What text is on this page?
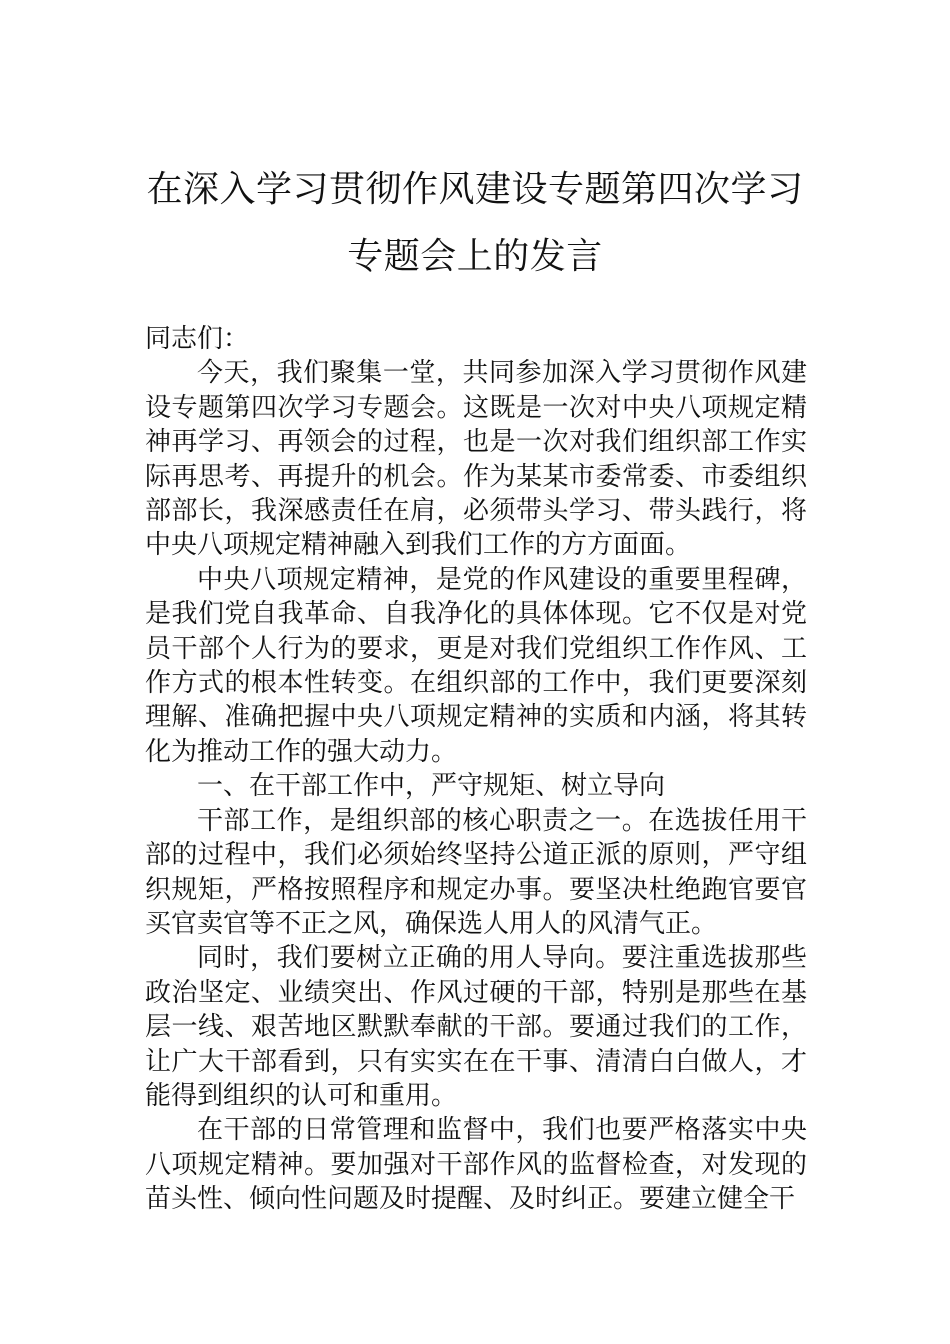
在深入学习贯彻作风建设专题第四次学习
专题会上的发言

同志们：

今天，我们聚集一堂，共同参加深入学习贯彻作风建设专题第四次学习专题会。这既是一次对中央八项规定精神再学习、再领会的过程，也是一次对我们组织部工作实际再思考、再提升的机会。作为某某市委常委、市委组织部部长，我深感责任在肩，必须带头学习、带头践行，将中央八项规定精神融入到我们工作的方方面面。

中央八项规定精神，是党的作风建设的重要里程碑，是我们党自我革命、自我净化的具体体现。它不仅是对党员干部个人行为的要求，更是对我们党组织工作作风、工作方式的根本性转变。在组织部的工作中，我们更要深刻理解、准确把握中央八项规定精神的实质和内涵，将其转化为推动工作的强大动力。

一、在干部工作中，严守规矩、树立导向

干部工作，是组织部的核心职责之一。在选拔任用干部的过程中，我们必须始终坚持公道正派的原则，严守组织规矩，严格按照程序和规定办事。要坚决杜绝跑官要官买官卖官等不正之风，确保选人用人的风清气正。

同时，我们要树立正确的用人导向。要注重选拔那些政治坚定、业绩突出、作风过硬的干部，特别是那些在基层一线、艰苦地区默默奉献的干部。要通过我们的工作，让广大干部看到，只有实实在在干事、清清白白做人，才能得到组织的认可和重用。

在干部的日常管理和监督中，我们也要严格落实中央八项规定精神。要加强对干部作风的监督检查，对发现的苗头性、倾向性问题及时提醒、及时纠正。要建立健全干
